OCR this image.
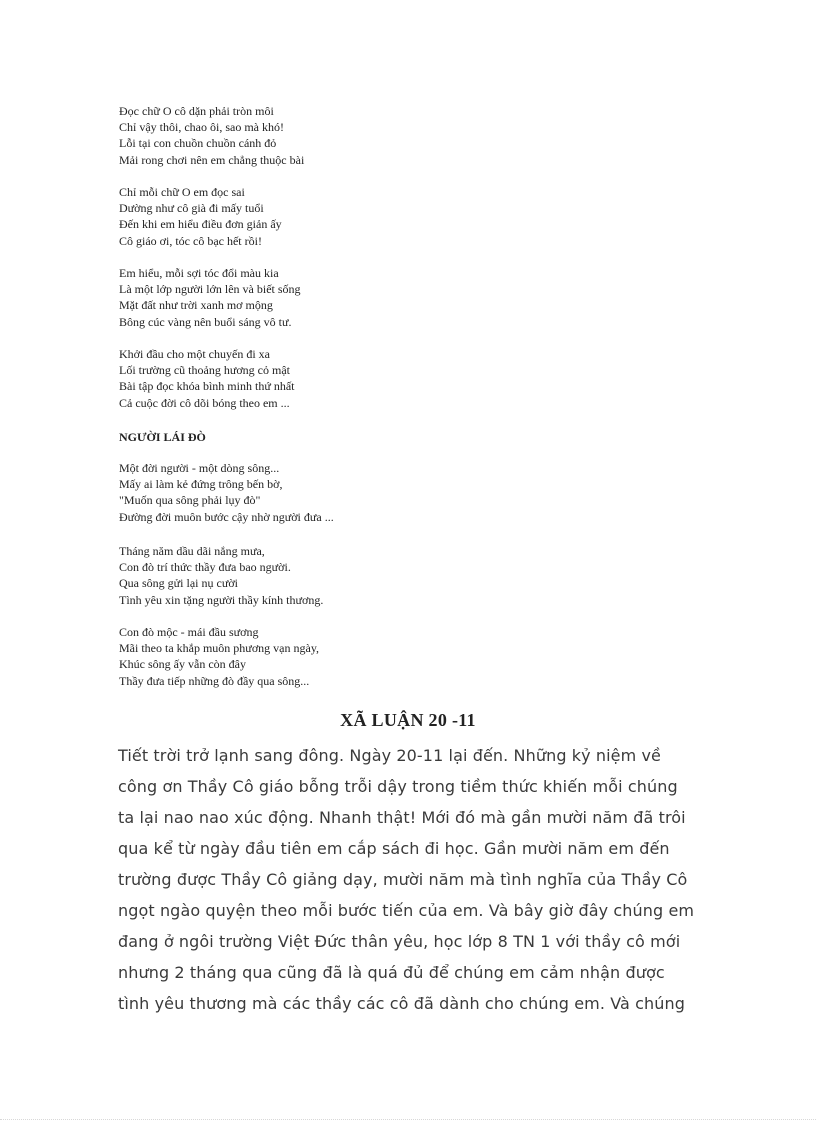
Đọc chữ O cô dặn phải tròn môi
Chỉ vậy thôi, chao ôi, sao mà khó!
Lỗi tại con chuồn chuồn cánh đỏ
Mải rong chơi nên em chẳng thuộc bài
Chỉ mỗi chữ O em đọc sai
Dường như cô già đi mấy tuổi
Đến khi em hiểu điều đơn giản ấy
Cô giáo ơi, tóc cô bạc hết rồi!
Em hiểu, mỗi sợi tóc đổi màu kia
Là một lớp người lớn lên và biết sống
Mặt đất như trời xanh mơ mộng
Bông cúc vàng nên buổi sáng vô tư.
Khởi đầu cho một chuyến đi xa
Lối trường cũ thoảng hương cỏ mật
Bài tập đọc khóa bình minh thứ nhất
Cả cuộc đời cô dõi bóng theo em ...
NGƯỜI LÁI ĐÒ
Một đời người - một dòng sông...
Mấy ai làm kẻ đứng trông bến bờ,
"Muốn qua sông phải lụy đò"
Đường đời muôn bước cậy nhờ người đưa ...
Tháng năm dầu dãi nắng mưa,
Con đò trí thức thầy đưa bao người.
Qua sông gửi lại nụ cười
Tình yêu xin tặng người thầy kính thương.
Con đò mộc - mái đầu sương
Mãi theo ta khắp muôn phương vạn ngày,
Khúc sông ấy vẫn còn đây
Thầy đưa tiếp những đò đầy qua sông...
XÃ LUẬN 20 -11
Tiết trời trở lạnh sang đông. Ngày 20-11 lại đến. Những kỷ niệm về
công ơn Thầy Cô giáo bỗng trỗi dậy trong tiềm thức khiến mỗi chúng
ta lại nao nao xúc động. Nhanh thật! Mới đó mà gần mười năm đã trôi
qua kể từ ngày đầu tiên em cắp sách đi học. Gần mười năm em đến
trường được Thầy Cô giảng dạy, mười năm mà tình nghĩa của Thầy Cô
ngọt ngào quyện theo mỗi bước tiến của em. Và bây giờ đây chúng em
đang ở ngôi trường Việt Đức thân yêu, học lớp 8 TN 1 với thầy cô mới
nhưng 2 tháng qua cũng đã là quá đủ để chúng em cảm nhận được
tình yêu thương mà các thầy các cô đã dành cho chúng em. Và chúng
